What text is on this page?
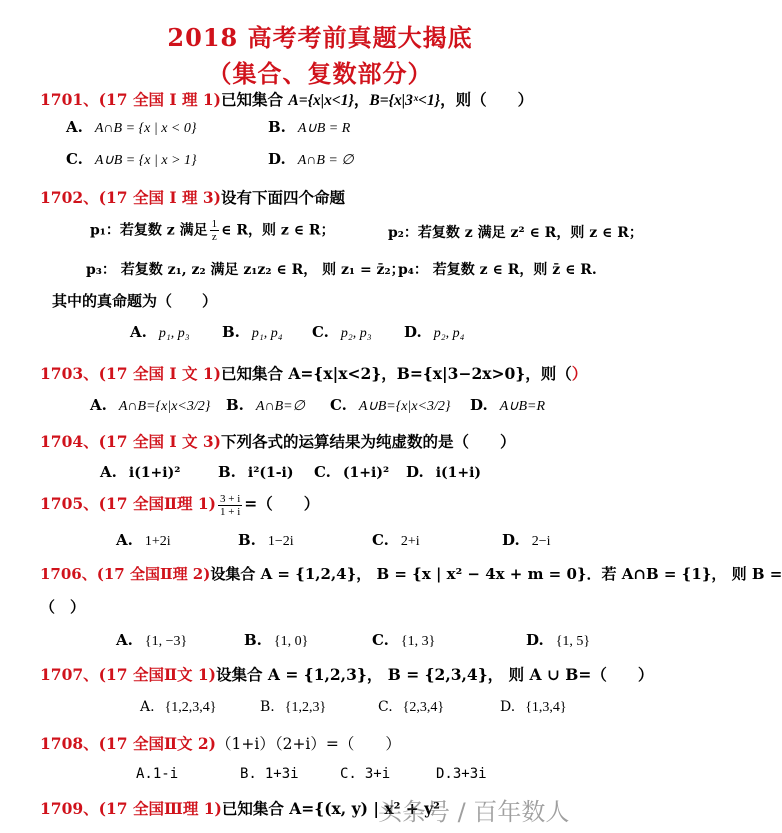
2018 高考考前真题大揭底
（集合、复数部分）
1701、(17 全国 I 理 1)已知集合 A={x|x<1}，B={x|3ˣ<1}，则（　　）
A. A∩B = {x | x < 0}	B. A∪B = R
C. A∪B = {x | x > 1}	D. A∩B = ∅
1702、(17 全国 I 理 3)设有下面四个命题
p₁：若复数 z 满足 $\frac{1}{z}$ ∈ R，则 z ∈ R；	p₂：若复数 z 满足 z² ∈ R，则 z ∈ R；
p₃： 若复数 z₁, z₂ 满足 z₁z₂ ∈ R， 则 z₁ = z̄₂；
p₄： 若复数 z ∈ R，则 z̄ ∈ R.
其中的真命题为（　　）
A. p₁, p₃ B. p₁, p₄ C. p₂, p₃ D. p₂, p₄
1703、(17 全国 I 文 1)已知集合 A={x|x<2}，B={x|3−2x>0}，则（）
A. A∩B={x|x<3/2} B. A∩B=∅ C. A∪B={x|x<3/2} D. A∪B=R
1704、(17 全国 I 文 3)下列各式的运算结果为纯虚数的是（　　）
A. i(1+i)²	B. i²(1-i) C. (1+i)² D. i(1+i)
1705、(17 全国Ⅱ理 $1) \frac{3 + i}{1 + i}$ =（　　）
A. 1+2i	B. 1−2i	C. 2+i	D. 2−i
1706、(17 全国Ⅱ理 2)设集合 A = {1,2,4}， B = {x | x² − 4x + m = 0}．若 A∩B = {1}， 则 B =
（　）
A. {1, −3}	B. {1, 0}	C. {1, 3}	D. {1, 5}
1707、(17 全国Ⅱ文 1)设集合 A = {1,2,3}， B = {2,3,4}， 则 A ∪ B=（　　）
A. {1,2,3,4}	B. {1,2,3}	C. {2,3,4}	D. {1,3,4}
1708、(17 全国Ⅱ文 2)（1+i）（2+i）=（　　）
A.1-i	B. 1+3i	C. 3+i	D.3+3i
1709、(17 全国Ⅲ理 1)已知集合 A={(x, y) | x² + y²
头条号 / 百年数人
